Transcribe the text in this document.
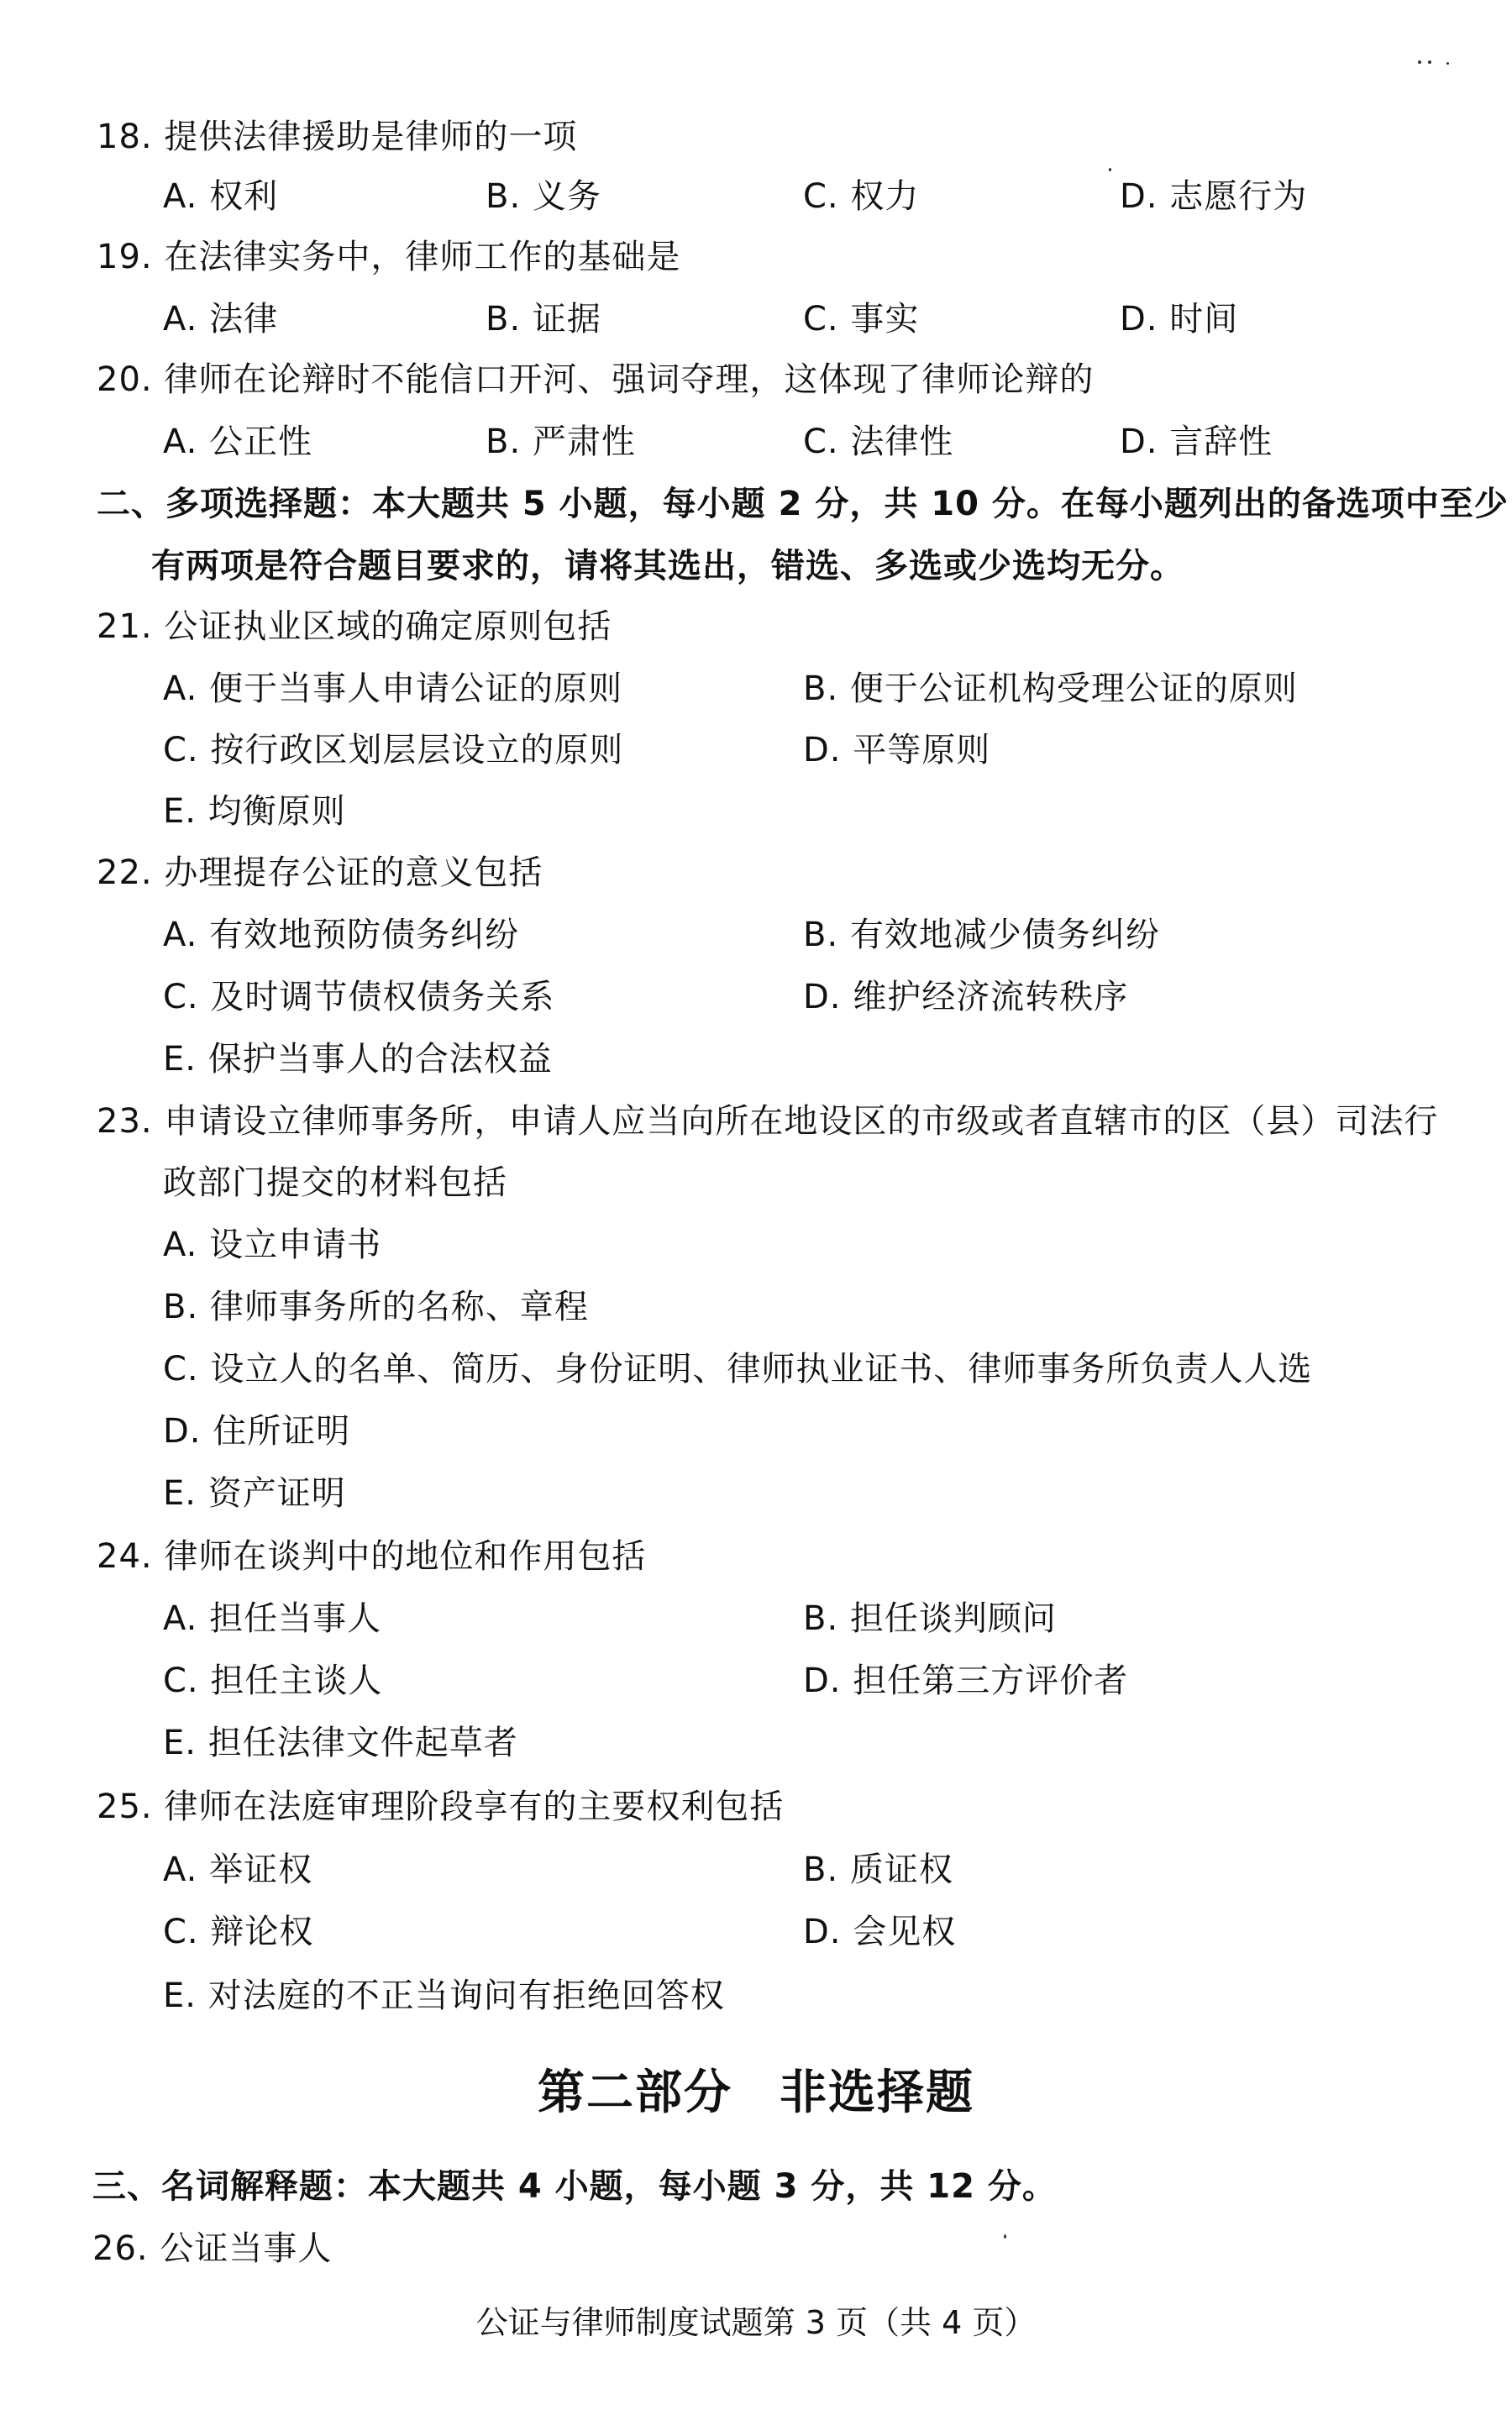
18. 提供法律援助是律师的一项
A. 权利	B. 义务	C. 权力	D. 志愿行为
19. 在法律实务中，律师工作的基础是
A. 法律	B. 证据	C. 事实	D. 时间
20. 律师在论辩时不能信口开河、强词夺理，这体现了律师论辩的
A. 公正性	B. 严肃性	C. 法律性	D. 言辞性
二、多项选择题：本大题共 5 小题，每小题 2 分，共 10 分。在每小题列出的备选项中至少
有两项是符合题目要求的，请将其选出，错选、多选或少选均无分。
21. 公证执业区域的确定原则包括
A. 便于当事人申请公证的原则	B. 便于公证机构受理公证的原则
C. 按行政区划层层设立的原则	D. 平等原则
E. 均衡原则
22. 办理提存公证的意义包括
A. 有效地预防债务纠纷	B. 有效地减少债务纠纷
C. 及时调节债权债务关系	D. 维护经济流转秩序
E. 保护当事人的合法权益
23. 申请设立律师事务所，申请人应当向所在地设区的市级或者直辖市的区（县）司法行
政部门提交的材料包括
A. 设立申请书
B. 律师事务所的名称、章程
C. 设立人的名单、简历、身份证明、律师执业证书、律师事务所负责人人选
D. 住所证明
E. 资产证明
24. 律师在谈判中的地位和作用包括
A. 担任当事人	B. 担任谈判顾问
C. 担任主谈人	D. 担任第三方评价者
E. 担任法律文件起草者
25. 律师在法庭审理阶段享有的主要权利包括
A. 举证权	B. 质证权
C. 辩论权	D. 会见权
E. 对法庭的不正当询问有拒绝回答权
第二部分 非选择题
三、名词解释题：本大题共 4 小题，每小题 3 分，共 12 分。
26. 公证当事人
公证与律师制度试题第 3 页（共 4 页）
